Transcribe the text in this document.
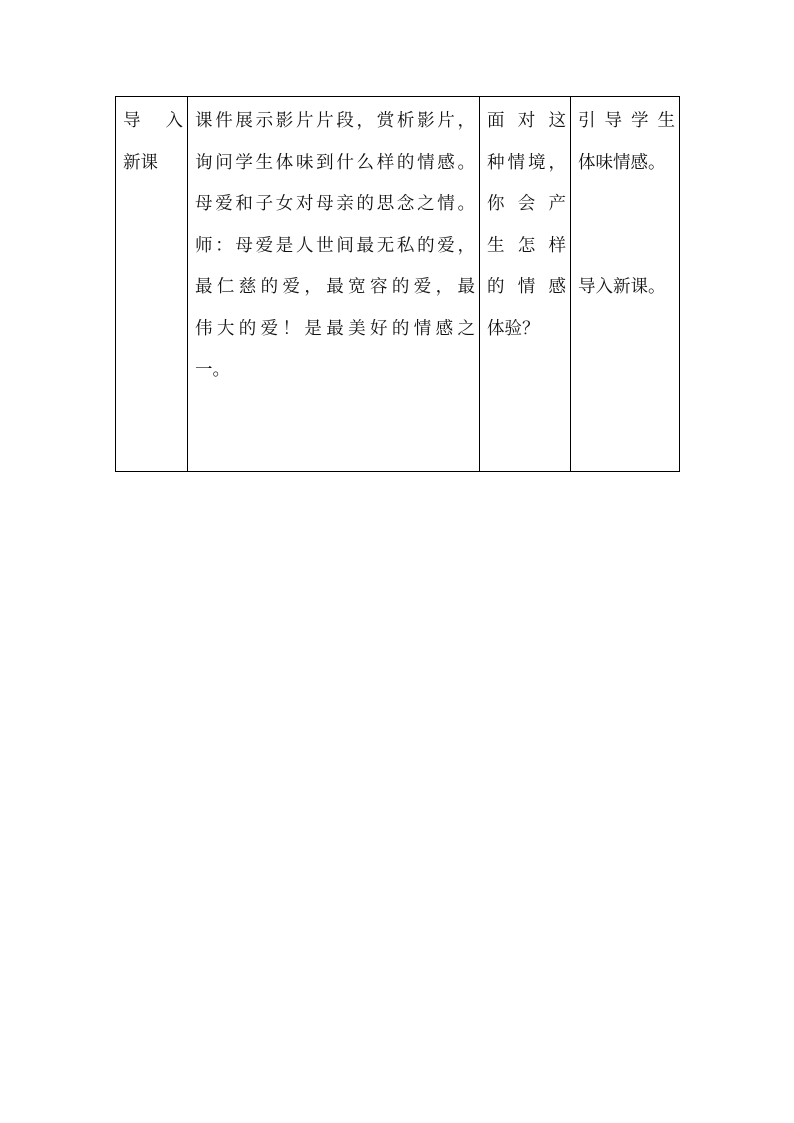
导 入
新课

课件展示影片片段，赏析影片，
询问学生体味到什么样的情感。
母爱和子女对母亲的思念之情。
师：母爱是人世间最无私的爱，
最仁慈的爱，最宽容的爱，最
伟大的爱！是最美好的情感之
一。

面对这
种情境，
你会产
生怎样
的情感
体验？

引导学生
体味情感。
导入新课。
